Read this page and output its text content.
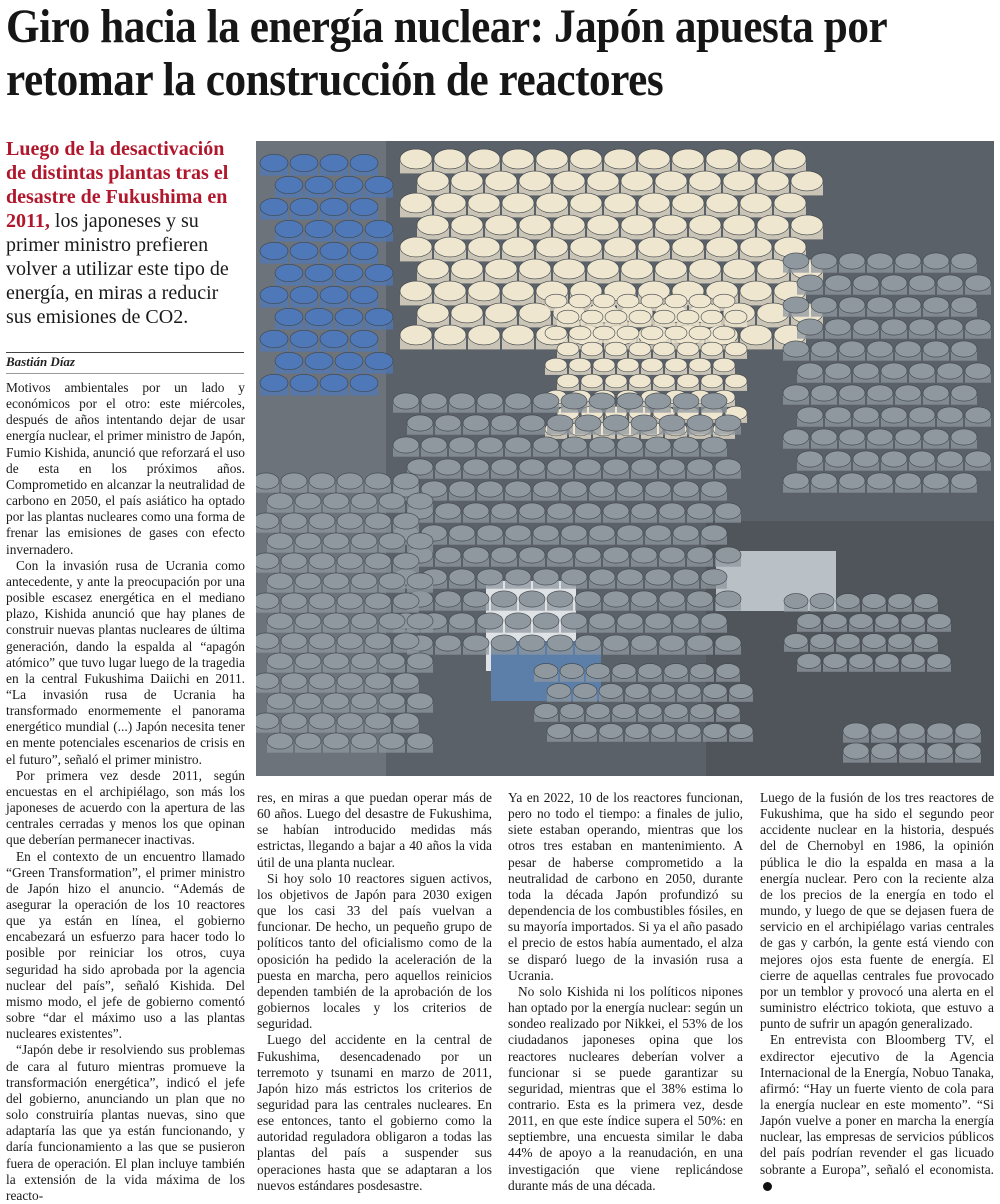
Giro hacia la energía nuclear: Japón apuesta por retomar la construcción de reactores
Luego de la desactivación de distintas plantas tras el desastre de Fukushima en 2011, los japoneses y su primer ministro prefieren volver a utilizar este tipo de energía, en miras a reducir sus emisiones de CO2.
Bastián Díaz

Motivos ambientales por un lado y económicos por el otro: este miércoles, después de años intentando dejar de usar energía nuclear, el primer ministro de Japón, Fumio Kishida, anunció que reforzará el uso de esta en los próximos años. Comprometido en alcanzar la neutralidad de carbono en 2050, el país asiático ha optado por las plantas nucleares como una forma de frenar las emisiones de gases con efecto invernadero.

Con la invasión rusa de Ucrania como antecedente, y ante la preocupación por una posible escasez energética en el mediano plazo, Kishida anunció que hay planes de construir nuevas plantas nucleares de última generación, dando la espalda al “apagón atómico” que tuvo lugar luego de la tragedia en la central Fukushima Daiichi en 2011. “La invasión rusa de Ucrania ha transformado enormemente el panorama energético mundial (...) Japón necesita tener en mente potenciales escenarios de crisis en el futuro”, señaló el primer ministro.

Por primera vez desde 2011, según encuestas en el archipiélago, son más los japoneses de acuerdo con la apertura de las centrales cerradas y menos los que opinan que deberían permanecer inactivas.

En el contexto de un encuentro llamado “Green Transformation”, el primer ministro de Japón hizo el anuncio. “Además de asegurar la operación de los 10 reactores que ya están en línea, el gobierno encabezará un esfuerzo para hacer todo lo posible por reiniciar los otros, cuya seguridad ha sido aprobada por la agencia nuclear del país”, señaló Kishida. Del mismo modo, el jefe de gobierno comentó sobre “dar el máximo uso a las plantas nucleares existentes”.

“Japón debe ir resolviendo sus problemas de cara al futuro mientras promueve la transformación energética”, indicó el jefe del gobierno, anunciando un plan que no solo construiría plantas nuevas, sino que adaptaría las que ya están funcionando, y daría funcionamiento a las que se pusieron fuera de operación. El plan incluye también la extensión de la vida máxima de los reacto-

res, en miras a que puedan operar más de 60 años. Luego del desastre de Fukushima, se habían introducido medidas más estrictas, llegando a bajar a 40 años la vida útil de una planta nuclear.

Si hoy solo 10 reactores siguen activos, los objetivos de Japón para 2030 exigen que los casi 33 del país vuelvan a funcionar. De hecho, un pequeño grupo de políticos tanto del oficialismo como de la oposición ha pedido la aceleración de la puesta en marcha, pero aquellos reinicios dependen también de la aprobación de los gobiernos locales y los criterios de seguridad.

Luego del accidente en la central de Fukushima, desencadenado por un terremoto y tsunami en marzo de 2011, Japón hizo más estrictos los criterios de seguridad para las centrales nucleares. En ese entonces, tanto el gobierno como la autoridad reguladora obligaron a todas las plantas del país a suspender sus operaciones hasta que se adaptaran a los nuevos estándares posdesastre.

Ya en 2022, 10 de los reactores funcionan, pero no todo el tiempo: a finales de julio, siete estaban operando, mientras que los otros tres estaban en mantenimiento. A pesar de haberse comprometido a la neutralidad de carbono en 2050, durante toda la década Japón profundizó su dependencia de los combustibles fósiles, en su mayoría importados. Si ya el año pasado el precio de estos había aumentado, el alza se disparó luego de la invasión rusa a Ucrania.

No solo Kishida ni los políticos nipones han optado por la energía nuclear: según un sondeo realizado por Nikkei, el 53% de los ciudadanos japoneses opina que los reactores nucleares deberían volver a funcionar si se puede garantizar su seguridad, mientras que el 38% estima lo contrario. Esta es la primera vez, desde 2011, en que este índice supera el 50%: en septiembre, una encuesta similar le daba 44% de apoyo a la reanudación, en una investigación que viene replicándose durante más de una década.

Luego de la fusión de los tres reactores de Fukushima, que ha sido el segundo peor accidente nuclear en la historia, después del de Chernobyl en 1986, la opinión pública le dio la espalda en masa a la energía nuclear. Pero con la reciente alza de los precios de la energía en todo el mundo, y luego de que se dejasen fuera de servicio en el archipiélago varias centrales de gas y carbón, la gente está viendo con mejores ojos esta fuente de energía. El cierre de aquellas centrales fue provocado por un temblor y provocó una alerta en el suministro eléctrico tokiota, que estuvo a punto de sufrir un apagón generalizado.

En entrevista con Bloomberg TV, el exdirector ejecutivo de la Agencia Internacional de la Energía, Nobuo Tanaka, afirmó: “Hay un fuerte viento de cola para la energía nuclear en este momento”. “Si Japón vuelve a poner en marcha la energía nuclear, las empresas de servicios públicos del país podrían revender el gas licuado sobrante a Europa”, señaló el economista.
